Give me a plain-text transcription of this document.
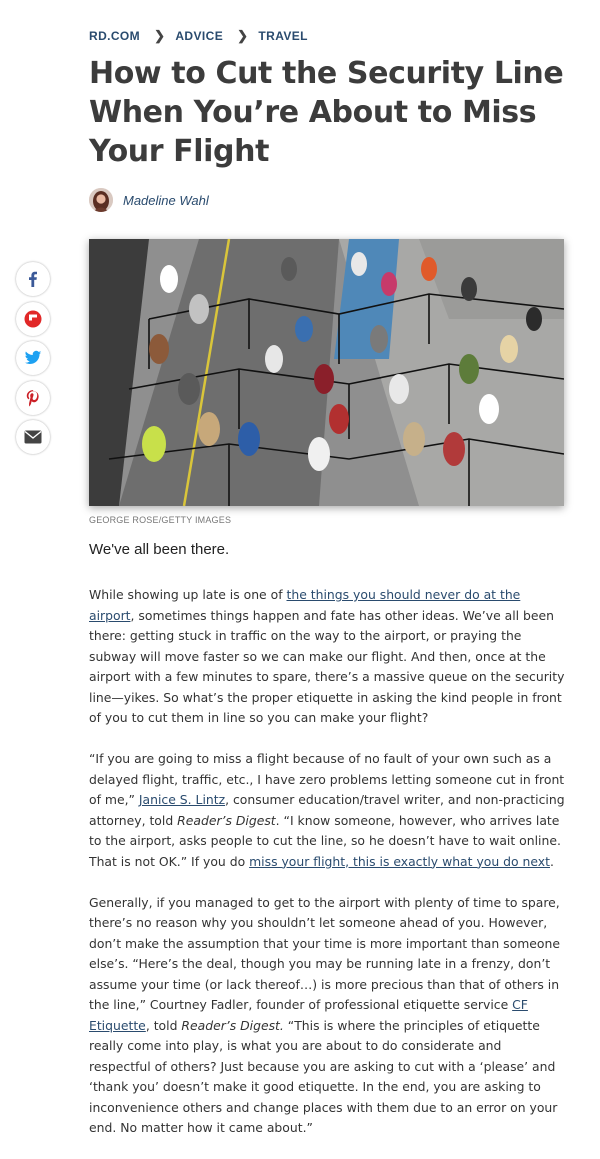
RD.COM ❯ ADVICE ❯ TRAVEL
How to Cut the Security Line When You’re About to Miss Your Flight
Madeline Wahl
GEORGE ROSE/GETTY IMAGES

We've all been there.

While showing up late is one of the things you should never do at the airport, sometimes things happen and fate has other ideas. We’ve all been there: getting stuck in traffic on the way to the airport, or praying the subway will move faster so we can make our flight. And then, once at the airport with a few minutes to spare, there’s a massive queue on the security line—yikes. So what’s the proper etiquette in asking the kind people in front of you to cut them in line so you can make your flight?

“If you are going to miss a flight because of no fault of your own such as a delayed flight, traffic, etc., I have zero problems letting someone cut in front of me,” Janice S. Lintz, consumer education/travel writer, and non-practicing attorney, told Reader’s Digest. “I know someone, however, who arrives late to the airport, asks people to cut the line, so he doesn’t have to wait online. That is not OK.” If you do miss your flight, this is exactly what you do next.

Generally, if you managed to get to the airport with plenty of time to spare, there’s no reason why you shouldn’t let someone ahead of you. However, don’t make the assumption that your time is more important than someone else’s. “Here’s the deal, though you may be running late in a frenzy, don’t assume your time (or lack thereof…) is more precious than that of others in the line,” Courtney Fadler, founder of professional etiquette service CF Etiquette, told Reader’s Digest. “This is where the principles of etiquette really come into play, is what you are about to do considerate and respectful of others? Just because you are asking to cut with a ‘please’ and ‘thank you’ doesn’t make it good etiquette. In the end, you are asking to inconvenience others and change places with them due to an error on your end. No matter how it came about.”
